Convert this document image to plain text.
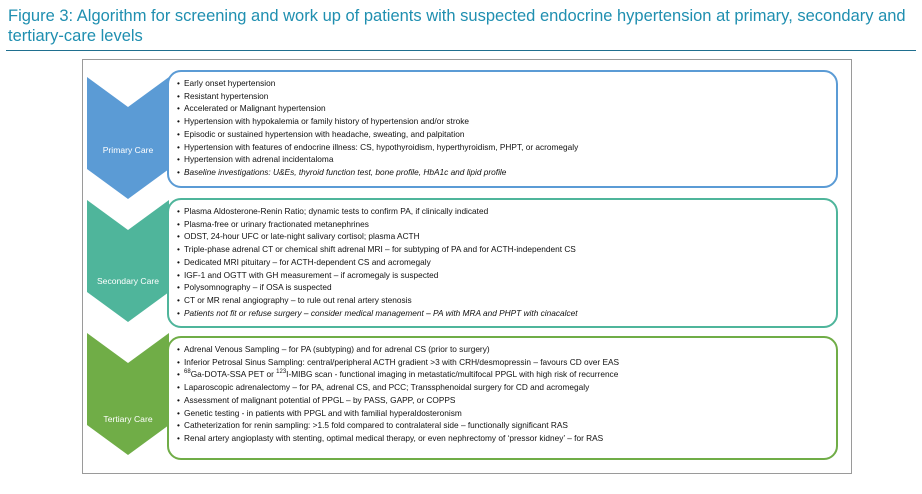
Figure 3: Algorithm for screening and work up of patients with suspected endocrine hypertension at primary, secondary and tertiary-care levels
Primary Care
• Early onset hypertension
• Resistant hypertension
• Accelerated or Malignant hypertension
• Hypertension with hypokalemia or family history of hypertension and/or stroke
• Episodic or sustained hypertension with headache, sweating, and palpitation
• Hypertension with features of endocrine illness: CS, hypothyroidism, hyperthyroidism, PHPT, or acromegaly
• Hypertension with adrenal incidentaloma
• Baseline investigations: U&Es, thyroid function test, bone profile, HbA1c and lipid profile
Secondary Care
• Plasma Aldosterone-Renin Ratio; dynamic tests to confirm PA, if clinically indicated
• Plasma-free or urinary fractionated metanephrines
• ODST, 24-hour UFC or late-night salivary cortisol; plasma ACTH
• Triple-phase adrenal CT or chemical shift adrenal MRI – for subtyping of PA and for ACTH-independent CS
• Dedicated MRI pituitary – for ACTH-dependent CS and acromegaly
• IGF-1 and OGTT with GH measurement – if acromegaly is suspected
• Polysomnography – if OSA is suspected
• CT or MR renal angiography – to rule out renal artery stenosis
• Patients not fit or refuse surgery – consider medical management – PA with MRA and PHPT with cinacalcet
Tertiary Care
• Adrenal Venous Sampling – for PA (subtyping) and for adrenal CS (prior to surgery)
• Inferior Petrosal Sinus Sampling: central/peripheral ACTH gradient >3 with CRH/desmopressin – favours CD over EAS
• $^{68}$Ga-DOTA-SSA PET or $^{123}$I-MIBG scan - functional imaging in metastatic/multifocal PPGL with high risk of recurrence
• Laparoscopic adrenalectomy – for PA, adrenal CS, and PCC; Transsphenoidal surgery for CD and acromegaly
• Assessment of malignant potential of PPGL – by PASS, GAPP, or COPPS
• Genetic testing - in patients with PPGL and with familial hyperaldosteronism
• Catheterization for renin sampling: >1.5 fold compared to contralateral side – functionally significant RAS
• Renal artery angioplasty with stenting, optimal medical therapy, or even nephrectomy of ‘pressor kidney’ – for RAS
